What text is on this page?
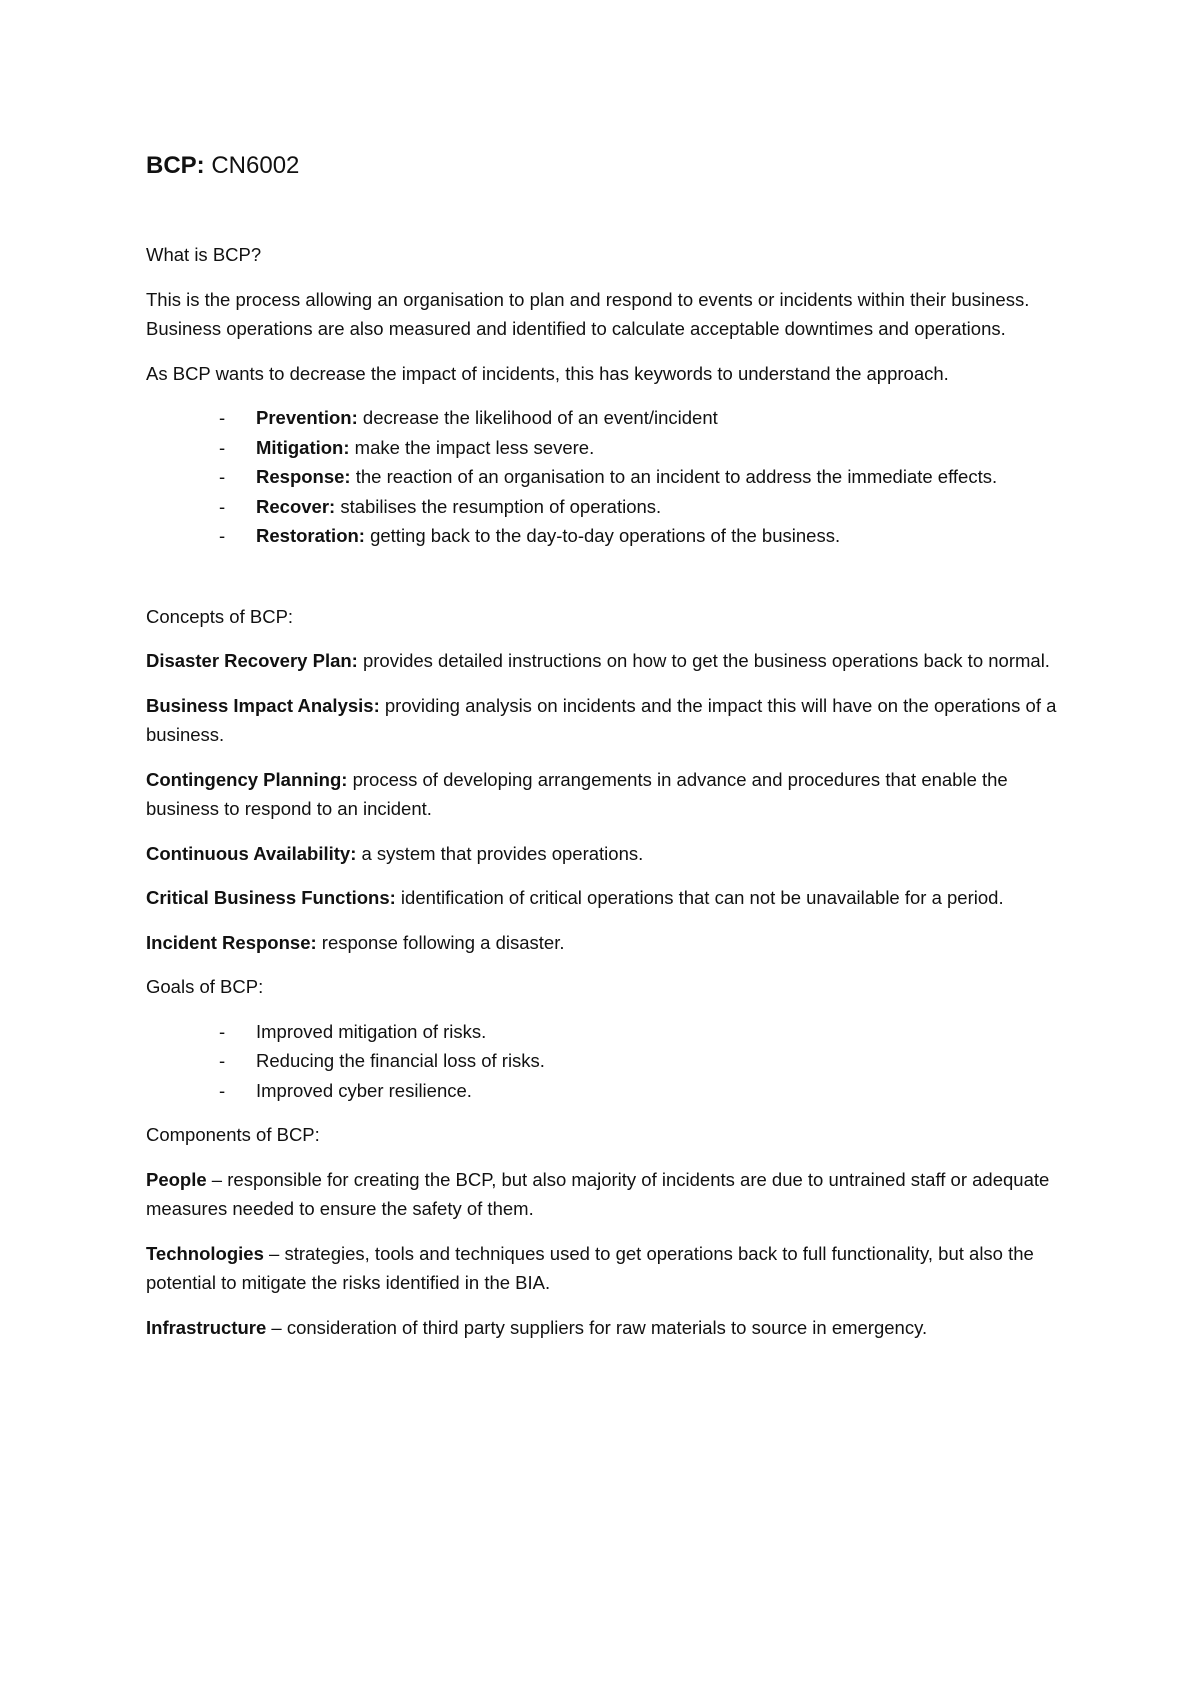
BCP: CN6002

What is BCP?

This is the process allowing an organisation to plan and respond to events or incidents within their business. Business operations are also measured and identified to calculate acceptable downtimes and operations.

As BCP wants to decrease the impact of incidents, this has keywords to understand the approach.

- Prevention: decrease the likelihood of an event/incident
- Mitigation: make the impact less severe.
- Response: the reaction of an organisation to an incident to address the immediate effects.
- Recover: stabilises the resumption of operations.
- Restoration: getting back to the day-to-day operations of the business.

Concepts of BCP:

Disaster Recovery Plan: provides detailed instructions on how to get the business operations back to normal.

Business Impact Analysis: providing analysis on incidents and the impact this will have on the operations of a business.

Contingency Planning: process of developing arrangements in advance and procedures that enable the business to respond to an incident.

Continuous Availability: a system that provides operations.

Critical Business Functions: identification of critical operations that can not be unavailable for a period.

Incident Response: response following a disaster.

Goals of BCP:

- Improved mitigation of risks.
- Reducing the financial loss of risks.
- Improved cyber resilience.

Components of BCP:

People – responsible for creating the BCP, but also majority of incidents are due to untrained staff or adequate measures needed to ensure the safety of them.

Technologies – strategies, tools and techniques used to get operations back to full functionality, but also the potential to mitigate the risks identified in the BIA.

Infrastructure – consideration of third party suppliers for raw materials to source in emergency.
